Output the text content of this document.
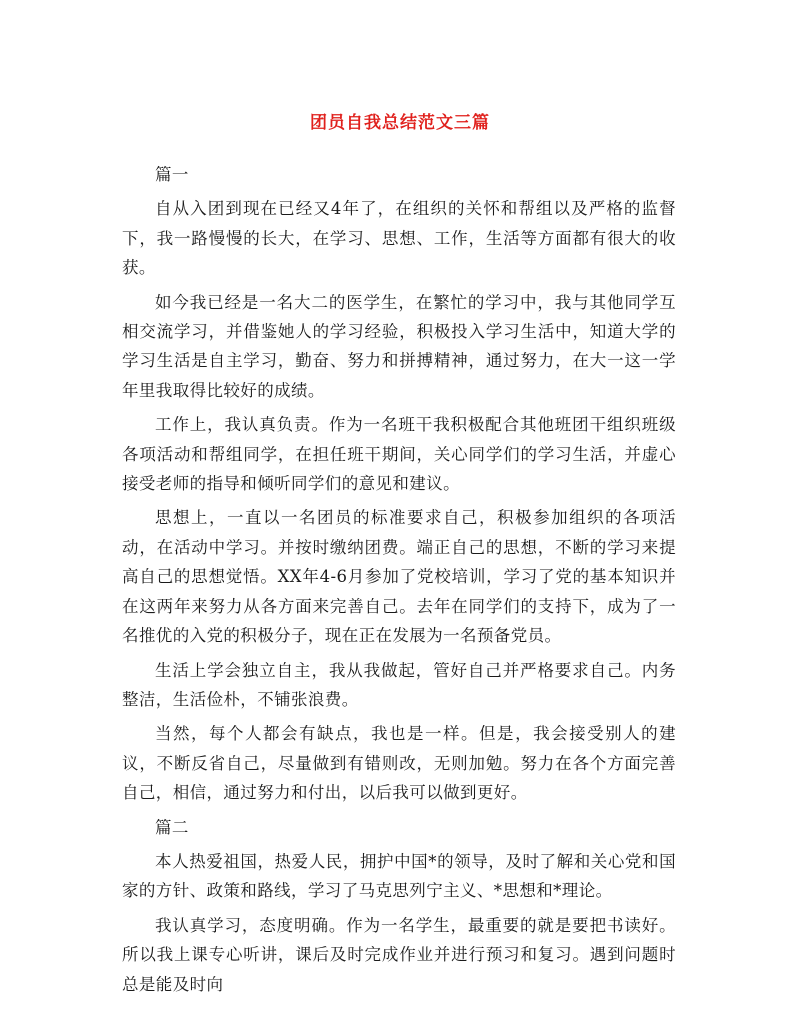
团员自我总结范文三篇

篇一

自从入团到现在已经又4年了，在组织的关怀和帮组以及严格的监督下，我一路慢慢的长大，在学习、思想、工作，生活等方面都有很大的收获。

如今我已经是一名大二的医学生，在繁忙的学习中，我与其他同学互相交流学习，并借鉴她人的学习经验，积极投入学习生活中，知道大学的学习生活是自主学习，勤奋、努力和拼搏精神，通过努力，在大一这一学年里我取得比较好的成绩。

工作上，我认真负责。作为一名班干我积极配合其他班团干组织班级各项活动和帮组同学，在担任班干期间，关心同学们的学习生活，并虚心接受老师的指导和倾听同学们的意见和建议。

思想上，一直以一名团员的标准要求自己，积极参加组织的各项活动，在活动中学习。并按时缴纳团费。端正自己的思想，不断的学习来提高自己的思想觉悟。XX年4-6月参加了党校培训，学习了党的基本知识并在这两年来努力从各方面来完善自己。去年在同学们的支持下，成为了一名推优的入党的积极分子，现在正在发展为一名预备党员。

生活上学会独立自主，我从我做起，管好自己并严格要求自己。内务整洁，生活俭朴，不铺张浪费。

当然，每个人都会有缺点，我也是一样。但是，我会接受别人的建议，不断反省自己，尽量做到有错则改，无则加勉。努力在各个方面完善自己，相信，通过努力和付出，以后我可以做到更好。

篇二

本人热爱祖国，热爱人民，拥护中国*的领导，及时了解和关心党和国家的方针、政策和路线，学习了马克思列宁主义、*思想和*理论。

我认真学习，态度明确。作为一名学生，最重要的就是要把书读好。所以我上课专心听讲，课后及时完成作业并进行预习和复习。遇到问题时总是能及时向
